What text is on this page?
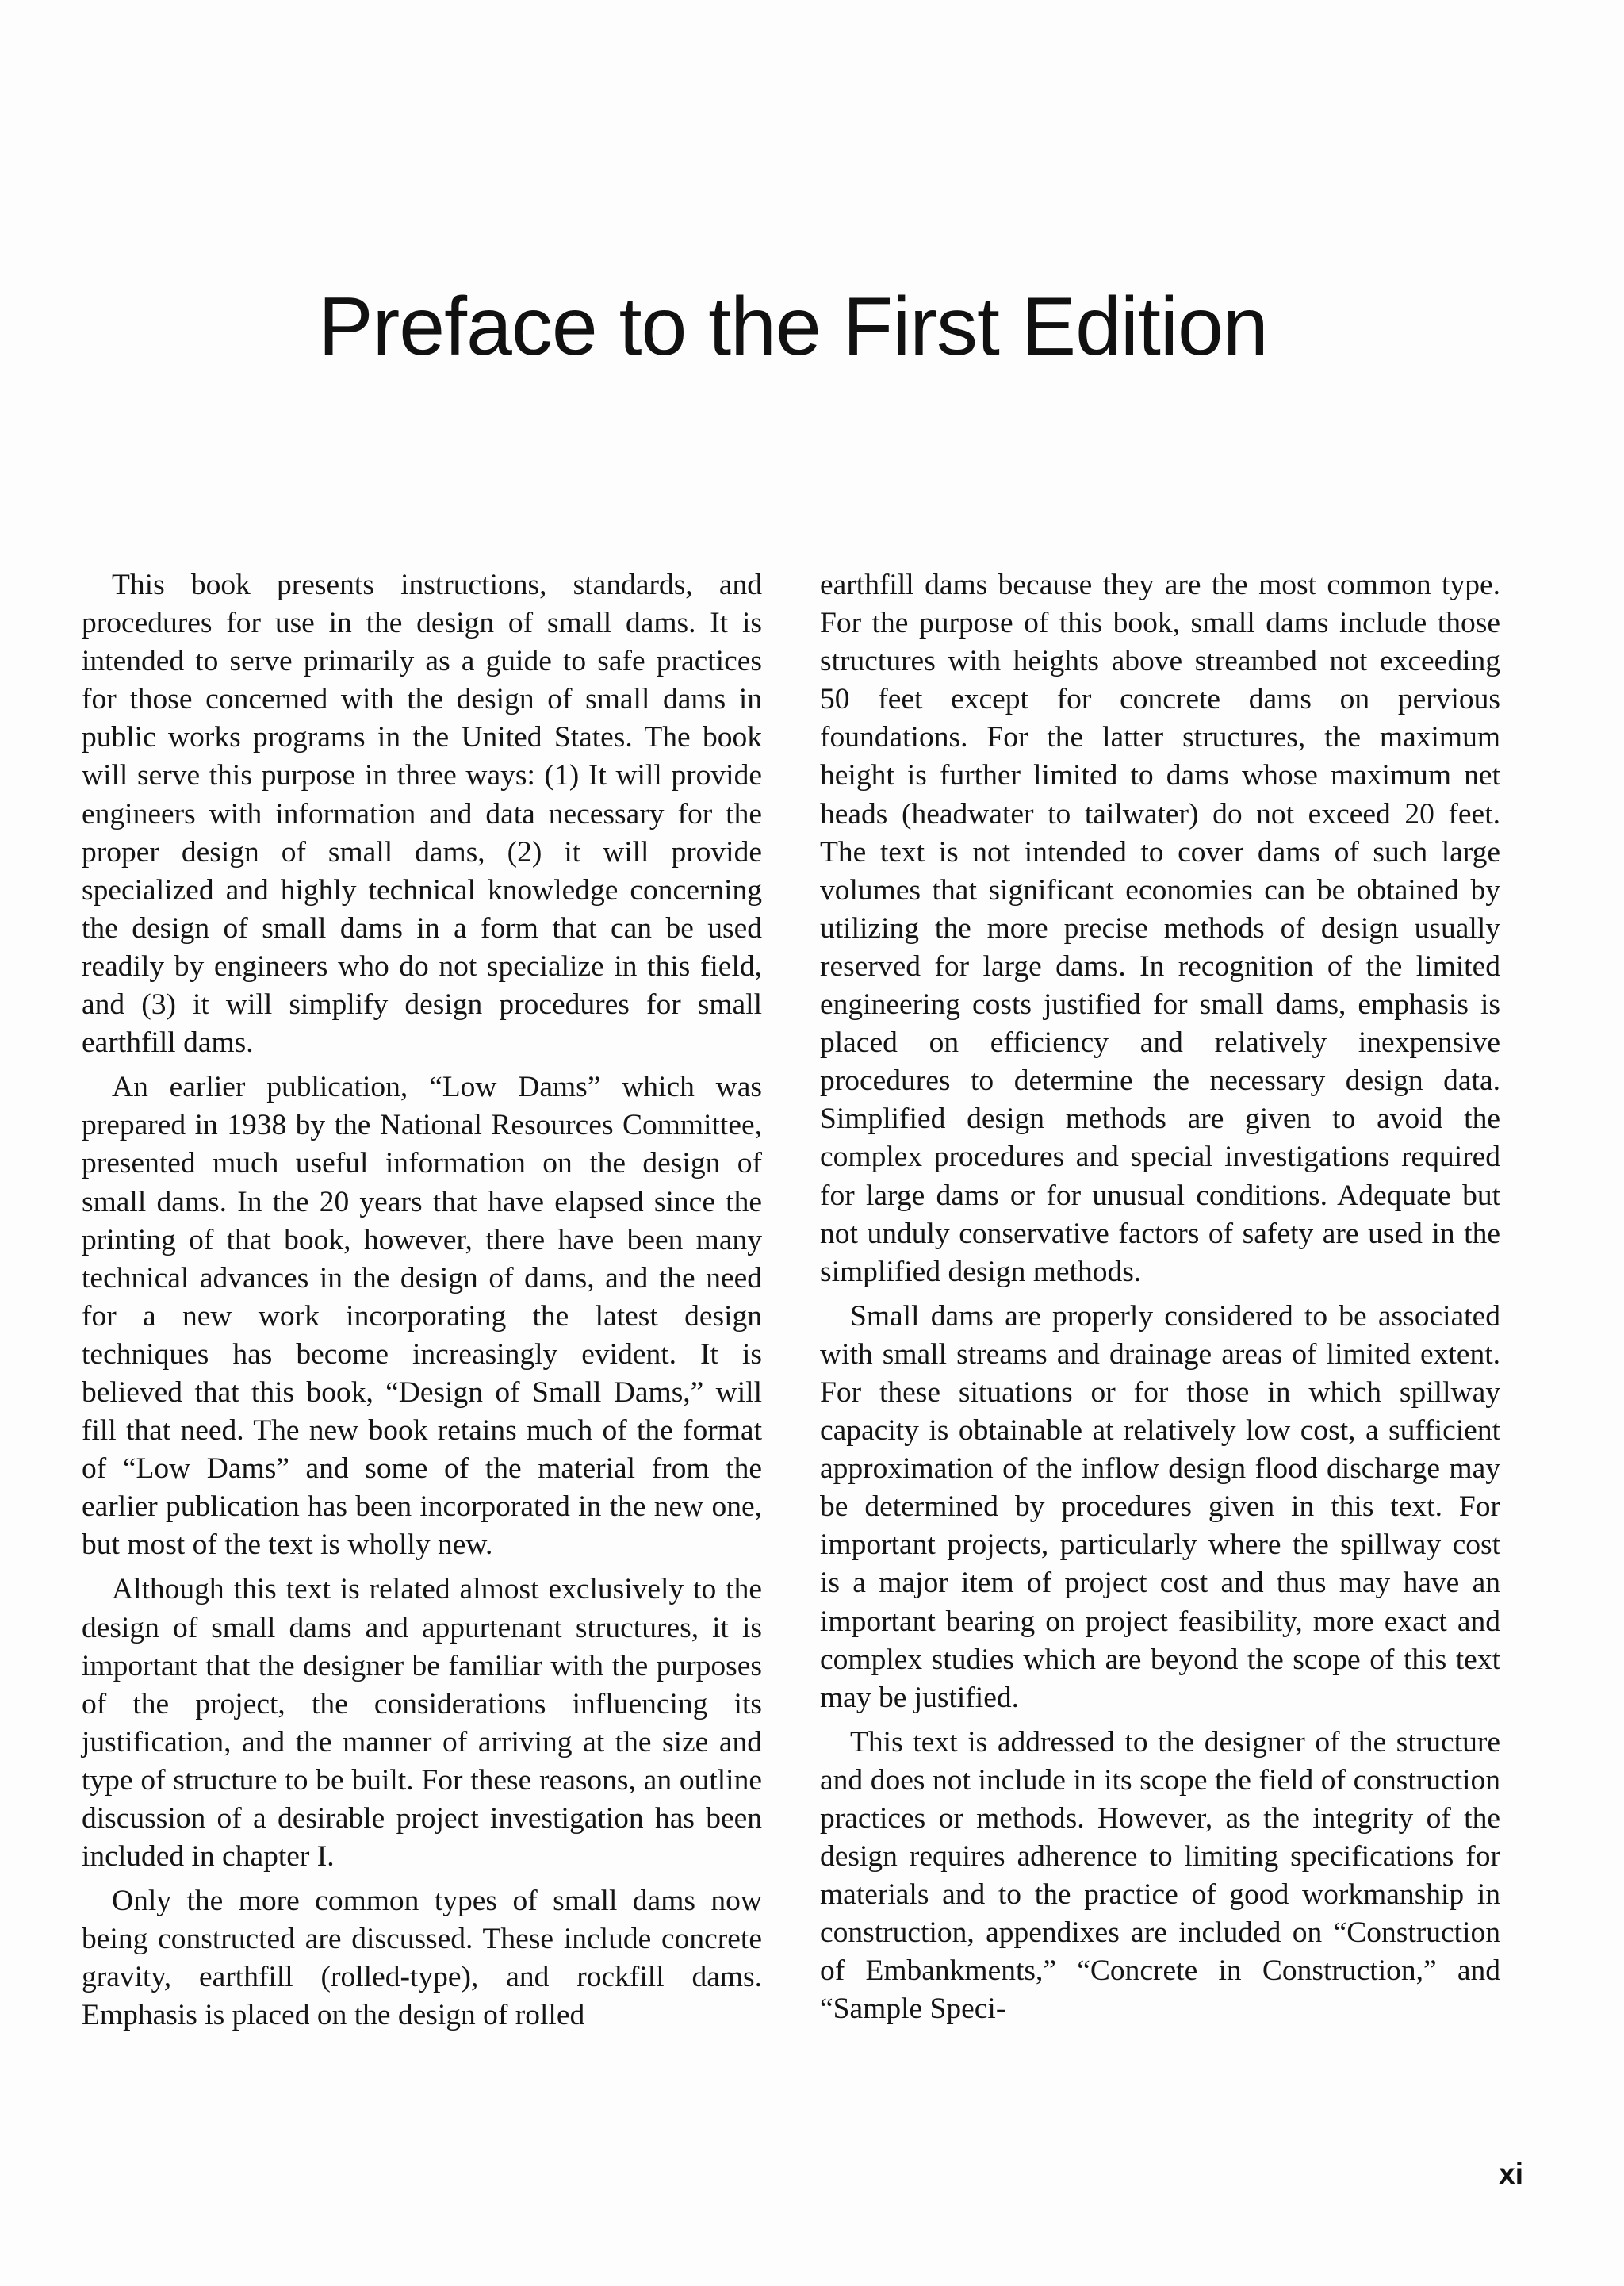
Preface to the First Edition

This book presents instructions, standards, and procedures for use in the design of small dams. It is intended to serve primarily as a guide to safe practices for those concerned with the design of small dams in public works programs in the United States. The book will serve this purpose in three ways: (1) It will provide engineers with information and data necessary for the proper design of small dams, (2) it will provide specialized and highly technical knowledge concerning the design of small dams in a form that can be used readily by engineers who do not specialize in this field, and (3) it will simplify design procedures for small earthfill dams.

An earlier publication, “Low Dams” which was prepared in 1938 by the National Resources Committee, presented much useful information on the design of small dams. In the 20 years that have elapsed since the printing of that book, however, there have been many technical advances in the design of dams, and the need for a new work incorporating the latest design techniques has become increasingly evident. It is believed that this book, “Design of Small Dams,” will fill that need. The new book retains much of the format of “Low Dams” and some of the material from the earlier publication has been incorporated in the new one, but most of the text is wholly new.

Although this text is related almost exclusively to the design of small dams and appurtenant structures, it is important that the designer be familiar with the purposes of the project, the considerations influencing its justification, and the manner of arriving at the size and type of structure to be built. For these reasons, an outline discussion of a desirable project investigation has been included in chapter I.

Only the more common types of small dams now being constructed are discussed. These include concrete gravity, earthfill (rolled-type), and rockfill dams. Emphasis is placed on the design of rolled

earthfill dams because they are the most common type. For the purpose of this book, small dams include those structures with heights above streambed not exceeding 50 feet except for concrete dams on pervious foundations. For the latter structures, the maximum height is further limited to dams whose maximum net heads (headwater to tailwater) do not exceed 20 feet. The text is not intended to cover dams of such large volumes that significant economies can be obtained by utilizing the more precise methods of design usually reserved for large dams. In recognition of the limited engineering costs justified for small dams, emphasis is placed on efficiency and relatively inexpensive procedures to determine the necessary design data. Simplified design methods are given to avoid the complex procedures and special investigations required for large dams or for unusual conditions. Adequate but not unduly conservative factors of safety are used in the simplified design methods.

Small dams are properly considered to be associated with small streams and drainage areas of limited extent. For these situations or for those in which spillway capacity is obtainable at relatively low cost, a sufficient approximation of the inflow design flood discharge may be determined by procedures given in this text. For important projects, particularly where the spillway cost is a major item of project cost and thus may have an important bearing on project feasibility, more exact and complex studies which are beyond the scope of this text may be justified.

This text is addressed to the designer of the structure and does not include in its scope the field of construction practices or methods. However, as the integrity of the design requires adherence to limiting specifications for materials and to the practice of good workmanship in construction, appendixes are included on “Construction of Embankments,” “Concrete in Construction,” and “Sample Speci-

xi
